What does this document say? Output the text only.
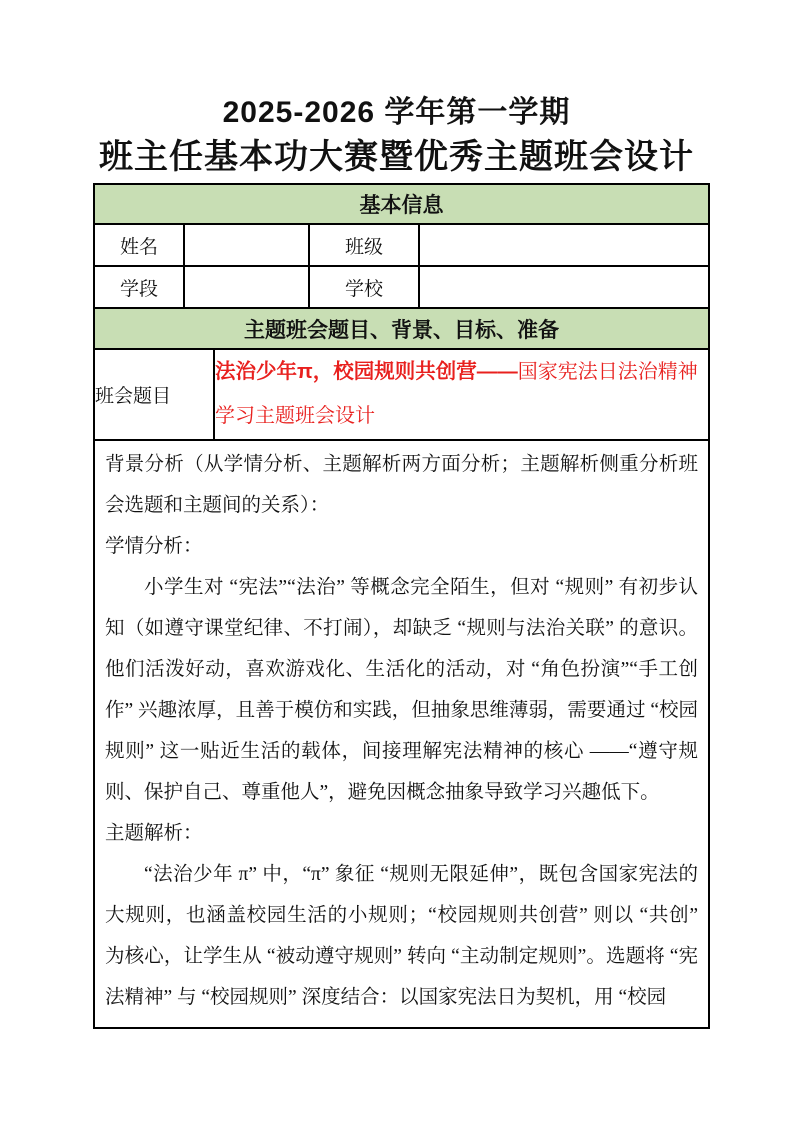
2025-2026 学年第一学期
班主任基本功大赛暨优秀主题班会设计
基本信息				
姓名			班级	
学段			学校	
主题班会题目、背景、目标、准备				
班会题目		法治少年π，校园规则共创营——国家宪法日法治精神学习主题班会设计		

背景分析（从学情分析、主题解析两方面分析；主题解析侧重分析班会选题和主题间的关系）：

学情分析：

小学生对 “宪法”“法治” 等概念完全陌生，但对 “规则” 有初步认知（如遵守课堂纪律、不打闹），却缺乏 “规则与法治关联” 的意识。他们活泼好动，喜欢游戏化、生活化的活动，对 “角色扮演”“手工创作” 兴趣浓厚，且善于模仿和实践，但抽象思维薄弱，需要通过 “校园规则” 这一贴近生活的载体，间接理解宪法精神的核心 ——“遵守规则、保护自己、尊重他人”，避免因概念抽象导致学习兴趣低下。

主题解析：

“法治少年 π” 中，“π” 象征 “规则无限延伸”，既包含国家宪法的大规则，也涵盖校园生活的小规则；“校园规则共创营” 则以 “共创” 为核心，让学生从 “被动遵守规则” 转向 “主动制定规则”。选题将 “宪法精神” 与 “校园规则” 深度结合：以国家宪法日为契机，用 “校园				
